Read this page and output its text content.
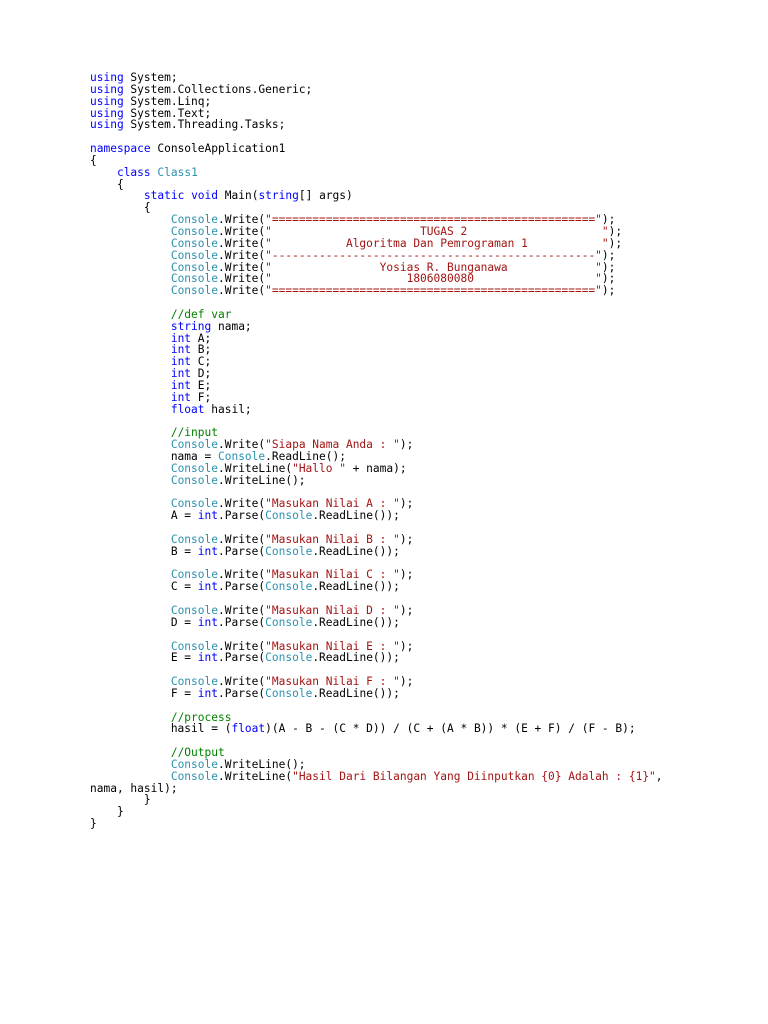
using System;
using System.Collections.Generic;
using System.Linq;
using System.Text;
using System.Threading.Tasks;
namespace ConsoleApplication1
{
class Class1
{
static void Main(string[] args)
{
Console.Write("================================================");
Console.Write("                      TUGAS 2                    ");
Console.Write("           Algoritma Dan Pemrograman 1           ");
Console.Write("------------------------------------------------");
Console.Write("                Yosias R. Bunganawa             ");
Console.Write("                    1806080080                  ");
Console.Write("================================================");
//def var
string nama;
int A;
int B;
int C;
int D;
int E;
int F;
float hasil;
//input
Console.Write("Siapa Nama Anda : ");
nama = Console.ReadLine();
Console.WriteLine("Hallo " + nama);
Console.WriteLine();
Console.Write("Masukan Nilai A : ");
A = int.Parse(Console.ReadLine());
Console.Write("Masukan Nilai B : ");
B = int.Parse(Console.ReadLine());
Console.Write("Masukan Nilai C : ");
C = int.Parse(Console.ReadLine());
Console.Write("Masukan Nilai D : ");
D = int.Parse(Console.ReadLine());
Console.Write("Masukan Nilai E : ");
E = int.Parse(Console.ReadLine());
Console.Write("Masukan Nilai F : ");
F = int.Parse(Console.ReadLine());
//process
hasil = (float)(A - B - (C * D)) / (C + (A * B)) * (E + F) / (F - B);
//Output
Console.WriteLine();
Console.WriteLine("Hasil Dari Bilangan Yang Diinputkan {0} Adalah : {1}",
nama, hasil);
}
}
}
